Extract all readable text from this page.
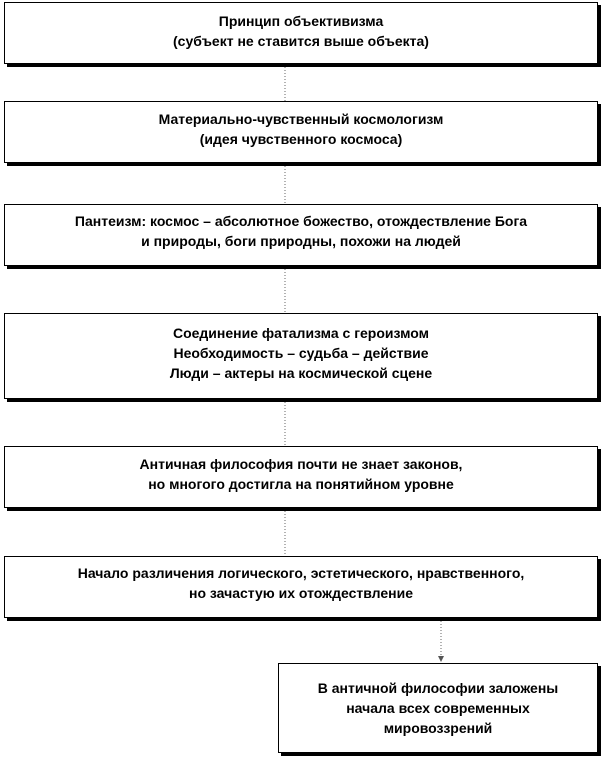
Принцип объективизма
(субъект не ставится выше объекта)
Материально-чувственный космологизм
(идея чувственного космоса)
Пантеизм: космос – абсолютное божество, отождествление Бога
и природы, боги природны, похожи на людей
Соединение фатализма с героизмом
Необходимость – судьба – действие
Люди – актеры на космической сцене
Античная философия почти не знает законов,
но многого достигла на понятийном уровне
Начало различения логического, эстетического, нравственного,
но зачастую их отождествление
В античной философии заложены
начала всех современных
мировоззрений
